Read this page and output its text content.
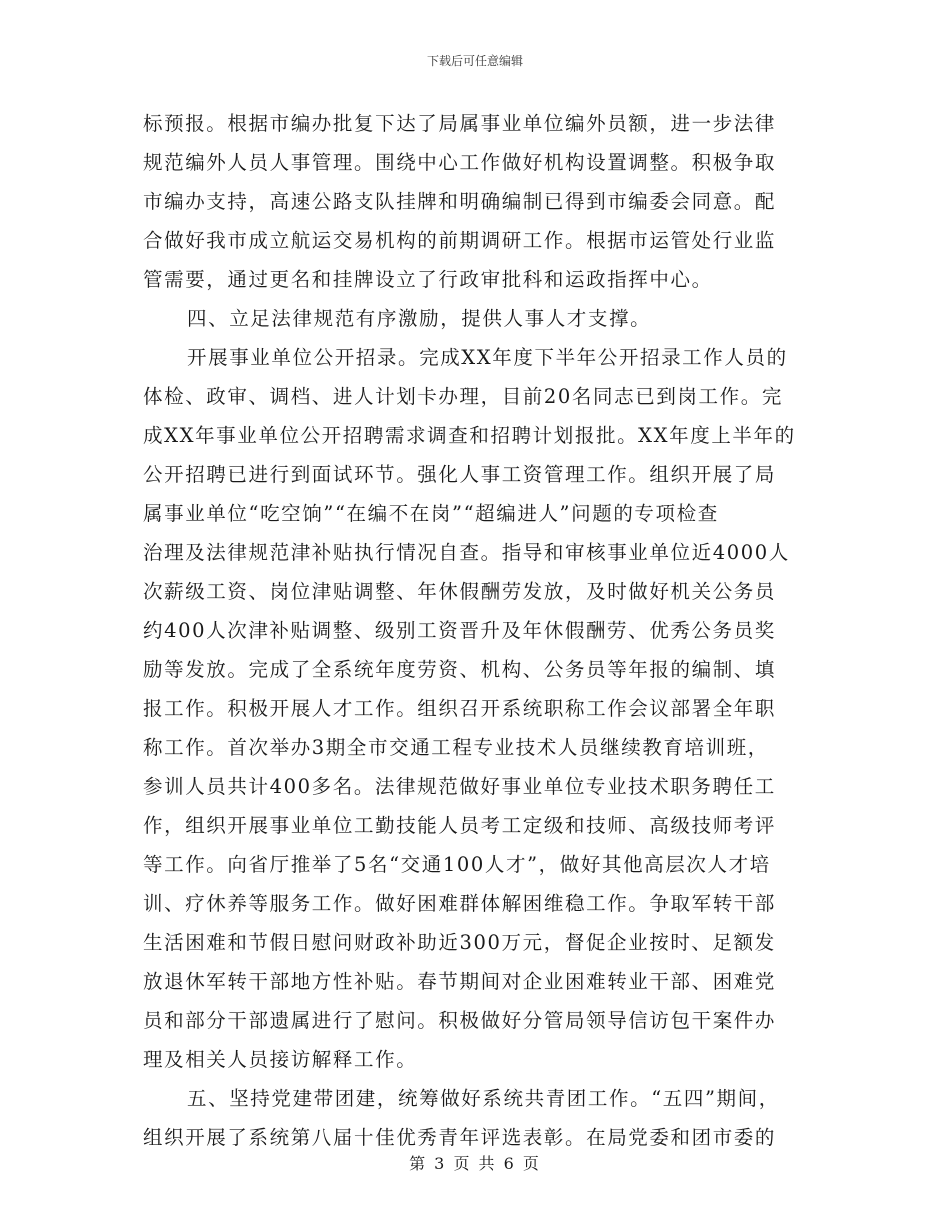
下载后可任意编辑
标预报。根据市编办批复下达了局属事业单位编外员额，进一步法律
规范编外人员人事管理。围绕中心工作做好机构设置调整。积极争取
市编办支持，高速公路支队挂牌和明确编制已得到市编委会同意。配
合做好我市成立航运交易机构的前期调研工作。根据市运管处行业监
管需要，通过更名和挂牌设立了行政审批科和运政指挥中心。
四、立足法律规范有序激励，提供人事人才支撑。
开展事业单位公开招录。完成XX年度下半年公开招录工作人员的
体检、政审、调档、进人计划卡办理，目前20名同志已到岗工作。完
成XX年事业单位公开招聘需求调查和招聘计划报批。XX年度上半年的
公开招聘已进行到面试环节。强化人事工资管理工作。组织开展了局
属事业单位“吃空饷”“在编不在岗”“超编进人”问题的专项检查
治理及法律规范津补贴执行情况自查。指导和审核事业单位近4000人
次薪级工资、岗位津贴调整、年休假酬劳发放，及时做好机关公务员
约400人次津补贴调整、级别工资晋升及年休假酬劳、优秀公务员奖
励等发放。完成了全系统年度劳资、机构、公务员等年报的编制、填
报工作。积极开展人才工作。组织召开系统职称工作会议部署全年职
称工作。首次举办3期全市交通工程专业技术人员继续教育培训班，
参训人员共计400多名。法律规范做好事业单位专业技术职务聘任工
作，组织开展事业单位工勤技能人员考工定级和技师、高级技师考评
等工作。向省厅推举了5名“交通100人才”，做好其他高层次人才培
训、疗休养等服务工作。做好困难群体解困维稳工作。争取军转干部
生活困难和节假日慰问财政补助近300万元，督促企业按时、足额发
放退休军转干部地方性补贴。春节期间对企业困难转业干部、困难党
员和部分干部遗属进行了慰问。积极做好分管局领导信访包干案件办
理及相关人员接访解释工作。
五、坚持党建带团建，统筹做好系统共青团工作。“五四”期间，
组织开展了系统第八届十佳优秀青年评选表彰。在局党委和团市委的
第 3 页 共 6 页
